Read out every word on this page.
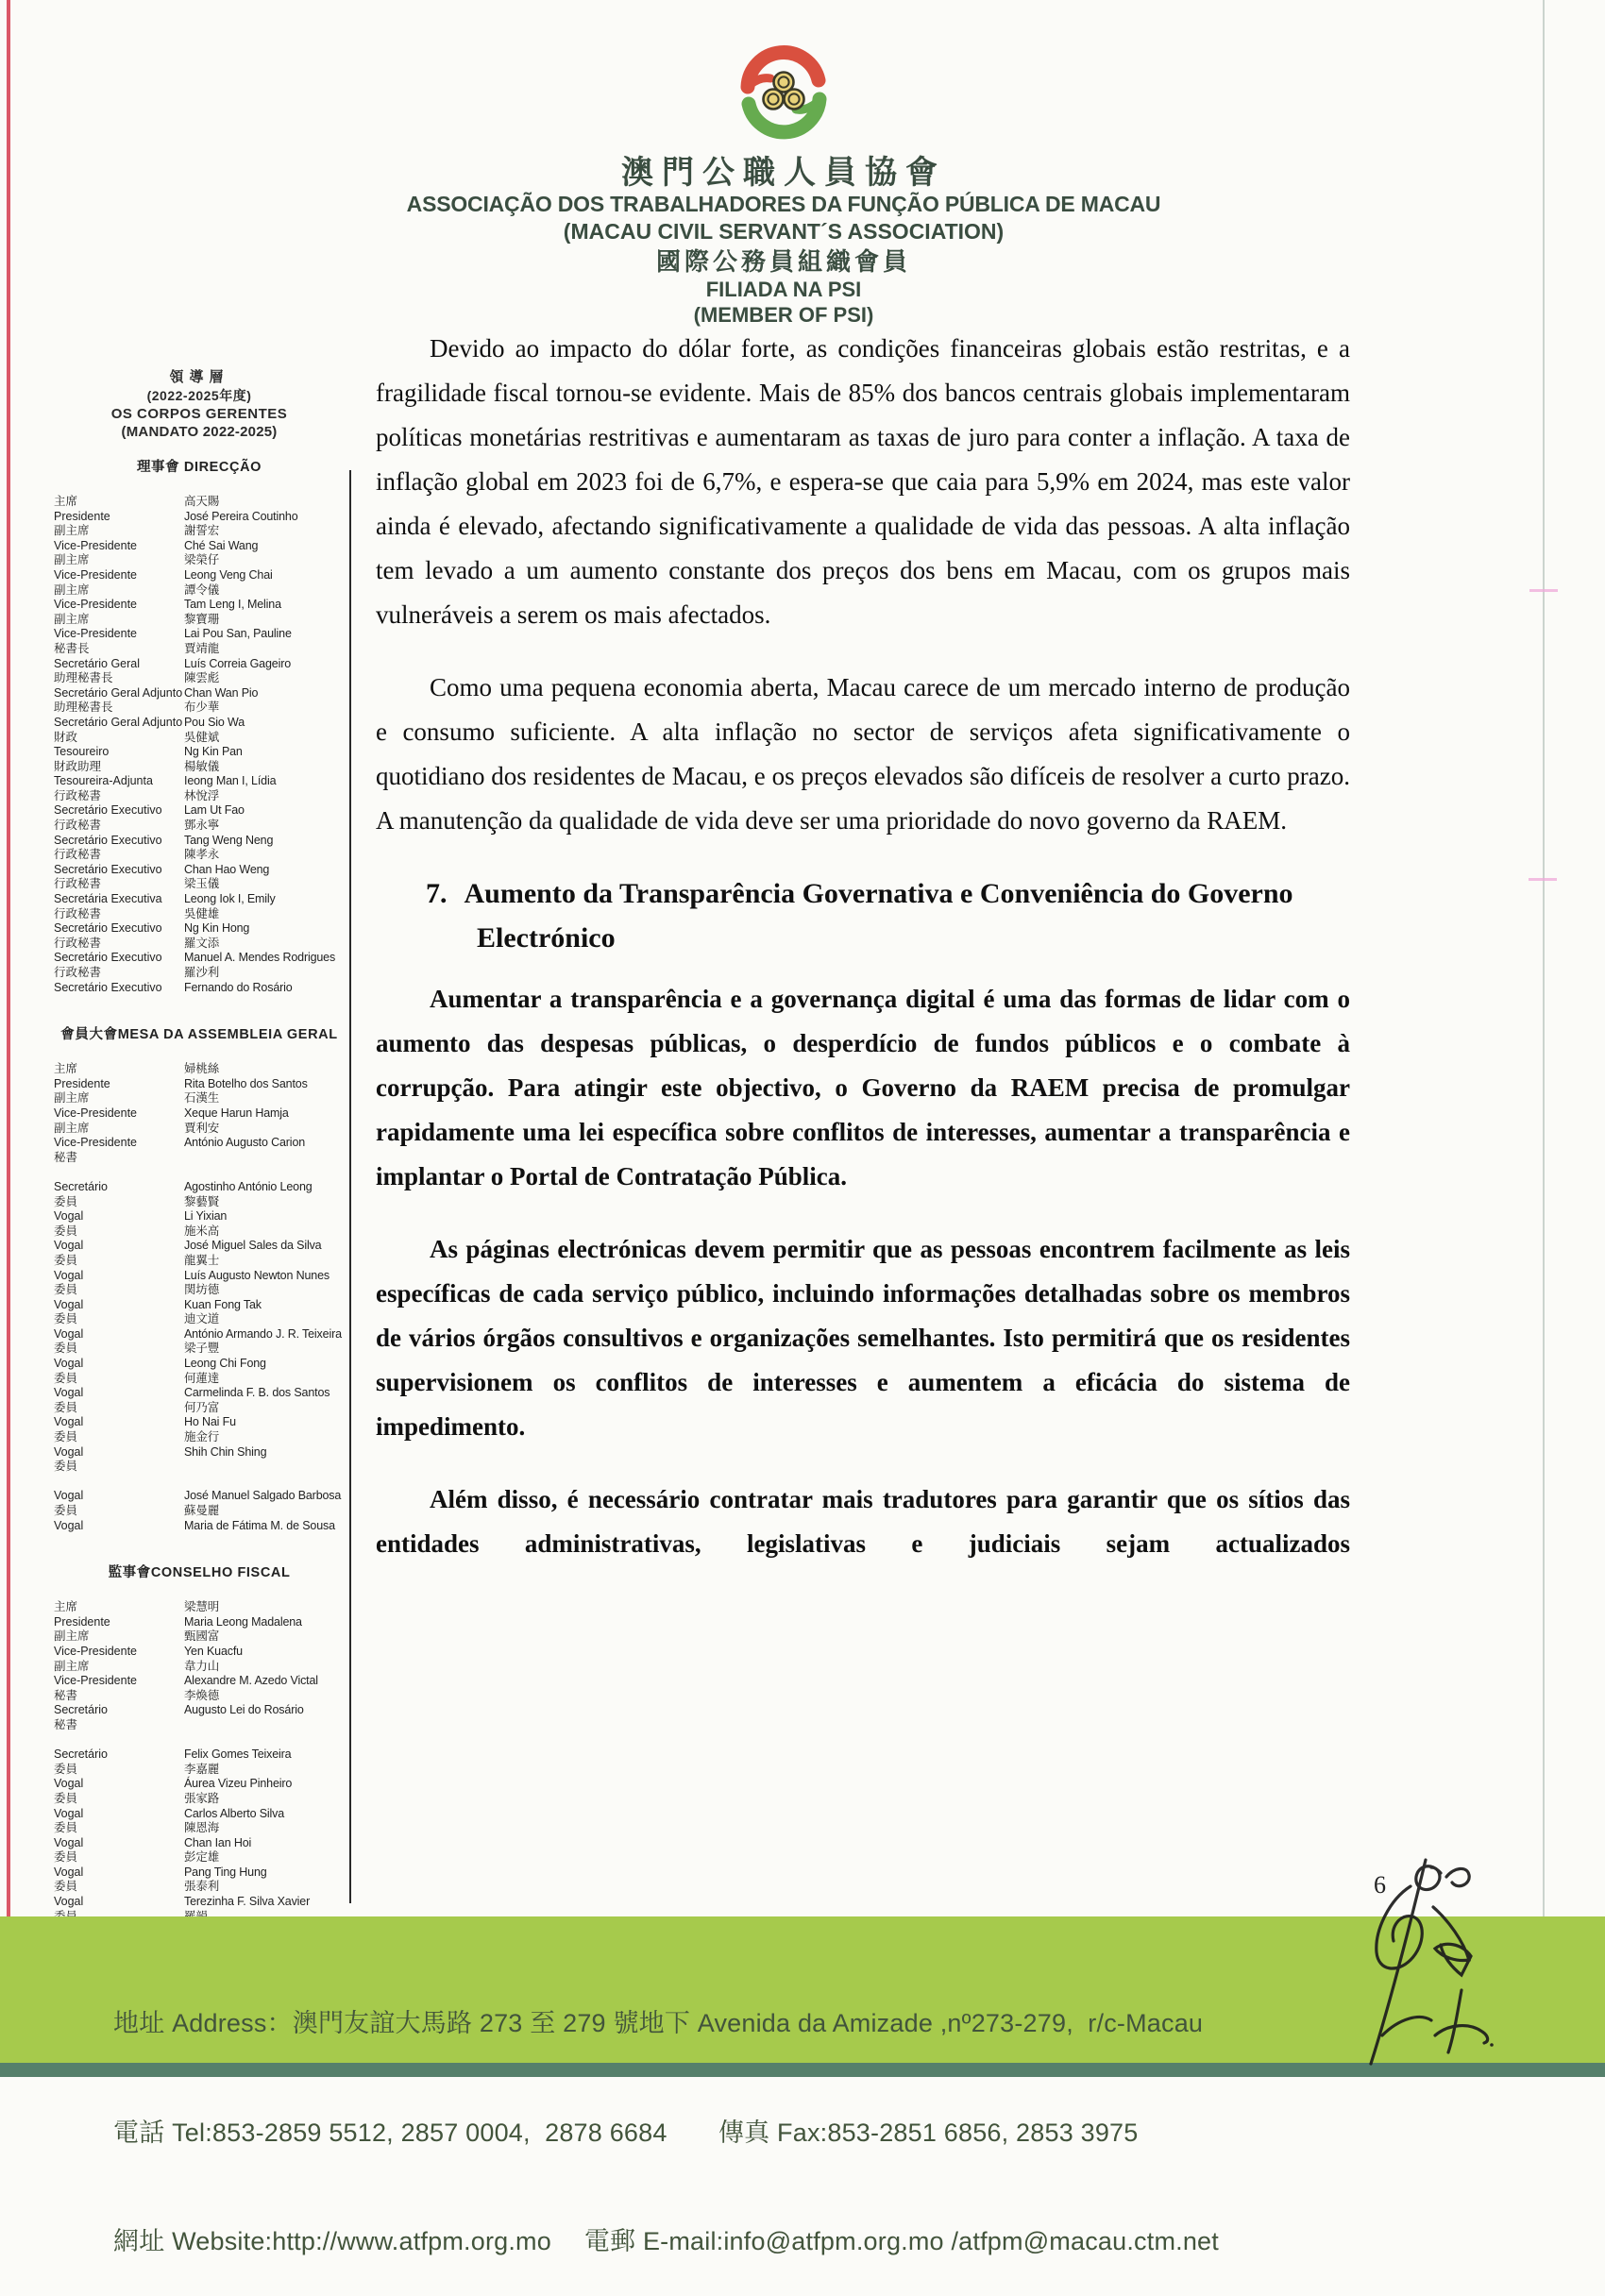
澳門公職人員協會
ASSOCIAÇÃO DOS TRABALHADORES DA FUNÇÃO PÚBLICA DE MACAU
(MACAU CIVIL SERVANT´S ASSOCIATION)
國際公務員組織會員
FILIADA NA PSI
(MEMBER OF PSI)
領導層
(2022-2025年度)
OS CORPOS GERENTES
(MANDATO 2022-2025)
理事會 DIRECÇÃO
主席	高天賜
Presidente	José Pereira Coutinho
副主席	謝誓宏
Vice-Presidente	Ché Sai Wang
副主席	梁榮仔
Vice-Presidente	Leong Veng Chai
副主席	譚令儀
Vice-Presidente	Tam Leng I, Melina
副主席	黎寶珊
Vice-Presidente	Lai Pou San, Pauline
秘書長	賈靖龍
Secretário Geral	Luís Correia Gageiro
助理秘書長	陳雲彪
Secretário Geral Adjunto Chan Wan Pio
助理秘書長	布少華
Secretário Geral Adjunto Pou Sio Wa
財政	吳健斌
Tesoureiro	Ng Kin Pan
財政助理	楊敏儀
Tesoureira-Adjunta	Ieong Man I, Lídia
行政秘書	林悅浮
Secretário Executivo	Lam Ut Fao
行政秘書	鄧永寧
Secretário Executivo	Tang Weng Neng
行政秘書	陳孝永
Secretário Executivo	Chan Hao Weng
行政秘書	梁玉儀
Secretária Executiva	Leong Iok I, Emily
行政秘書	吳健雄
Secretário Executivo	Ng Kin Hong
行政秘書	羅文添
Secretário Executivo	Manuel A. Mendes Rodrigues
行政秘書	羅沙利
Secretário Executivo	Fernando do Rosário
會員大會MESA DA ASSEMBLEIA GERAL
主席	婦桃絲
Presidente	Rita Botelho dos Santos
副主席	石漢生
Vice-Presidente	Xeque Harun Hamja
副主席	賈利安
Vice-Presidente	António Augusto Carion
秘書
Secretário	Agostinho António Leong
委員	黎藝賢
Vogal	Li Yixian
委員	施米高
Vogal	José Miguel Sales da Silva
委員	龍翼士
Vogal	Luís Augusto Newton Nunes
委員	関坊德
Vogal	Kuan Fong Tak
委員	迪文道
Vogal	António Armando J. R. Teixeira
委員	梁子豐
Vogal	Leong Chi Fong
委員	何蓮達
Vogal	Carmelinda F. B. dos Santos
委員	何乃富
Vogal	Ho Nai Fu
委員	施金行
Vogal	Shih Chin Shing
委員
Vogal	José Manuel Salgado Barbosa
委員	蘇曼麗
Vogal	Maria de Fátima M. de Sousa
監事會CONSELHO FISCAL
主席	梁慧明
Presidente	Maria Leong Madalena
副主席	甄國富
Vice-Presidente	Yen Kuacfu
副主席	韋力山
Vice-Presidente	Alexandre M. Azedo Victal
秘書	李煥德
Secretário	Augusto Lei do Rosário
秘書
Secretário	Felix Gomes Teixeira
委員	李嘉麗
Vogal	Áurea Vizeu Pinheiro
委員	張家路
Vogal	Carlos Alberto Silva
委員	陳恩海
Vogal	Chan Ian Hoi
委員	彭定雄
Vogal	Pang Ting Hung
委員	張泰利
Vogal	Terezinha F. Silva Xavier

Devido ao impacto do dólar forte, as condições financeiras globais estão restritas, e a fragilidade fiscal tornou-se evidente. Mais de 85% dos bancos centrais globais implementaram políticas monetárias restritivas e aumentaram as taxas de juro para conter a inflação. A taxa de inflação global em 2023 foi de 6,7%, e espera-se que caia para 5,9% em 2024, mas este valor ainda é elevado, afectando significativamente a qualidade de vida das pessoas. A alta inflação tem levado a um aumento constante dos preços dos bens em Macau, com os grupos mais vulneráveis a serem os mais afectados.

Como uma pequena economia aberta, Macau carece de um mercado interno de produção e consumo suficiente. A alta inflação no sector de serviços afeta significativamente o quotidiano dos residentes de Macau, e os preços elevados são difíceis de resolver a curto prazo. A manutenção da qualidade de vida deve ser uma prioridade do novo governo da RAEM.

7. Aumento da Transparência Governativa e Conveniência do Governo Electrónico

Aumentar a transparência e a governança digital é uma das formas de lidar com o aumento das despesas públicas, o desperdício de fundos públicos e o combate à corrupção. Para atingir este objectivo, o Governo da RAEM precisa de promulgar rapidamente uma lei específica sobre conflitos de interesses, aumentar a transparência e implantar o Portal de Contratação Pública.

As páginas electrónicas devem permitir que as pessoas encontrem facilmente as leis específicas de cada serviço público, incluindo informações detalhadas sobre os membros de vários órgãos consultivos e organizações semelhantes. Isto permitirá que os residentes supervisionem os conflitos de interesses e aumentem a eficácia do sistema de impedimento.

Além disso, é necessário contratar mais tradutores para garantir que os sítios das entidades administrativas, legislativas e judiciais sejam actualizados

地址 Address：澳門友誼大馬路 273 至 279 號地下 Avenida da Amizade ,nº273-279,  r/c-Macau

電話 Tel:853-2859 5512, 2857 0004,  2878 6684　　傳真 Fax:853-2851 6856, 2853 3975

網址 Website:http://www.atfpm.org.mo　 電郵 E-mail:info@atfpm.org.mo /atfpm@macau.ctm.net

6
